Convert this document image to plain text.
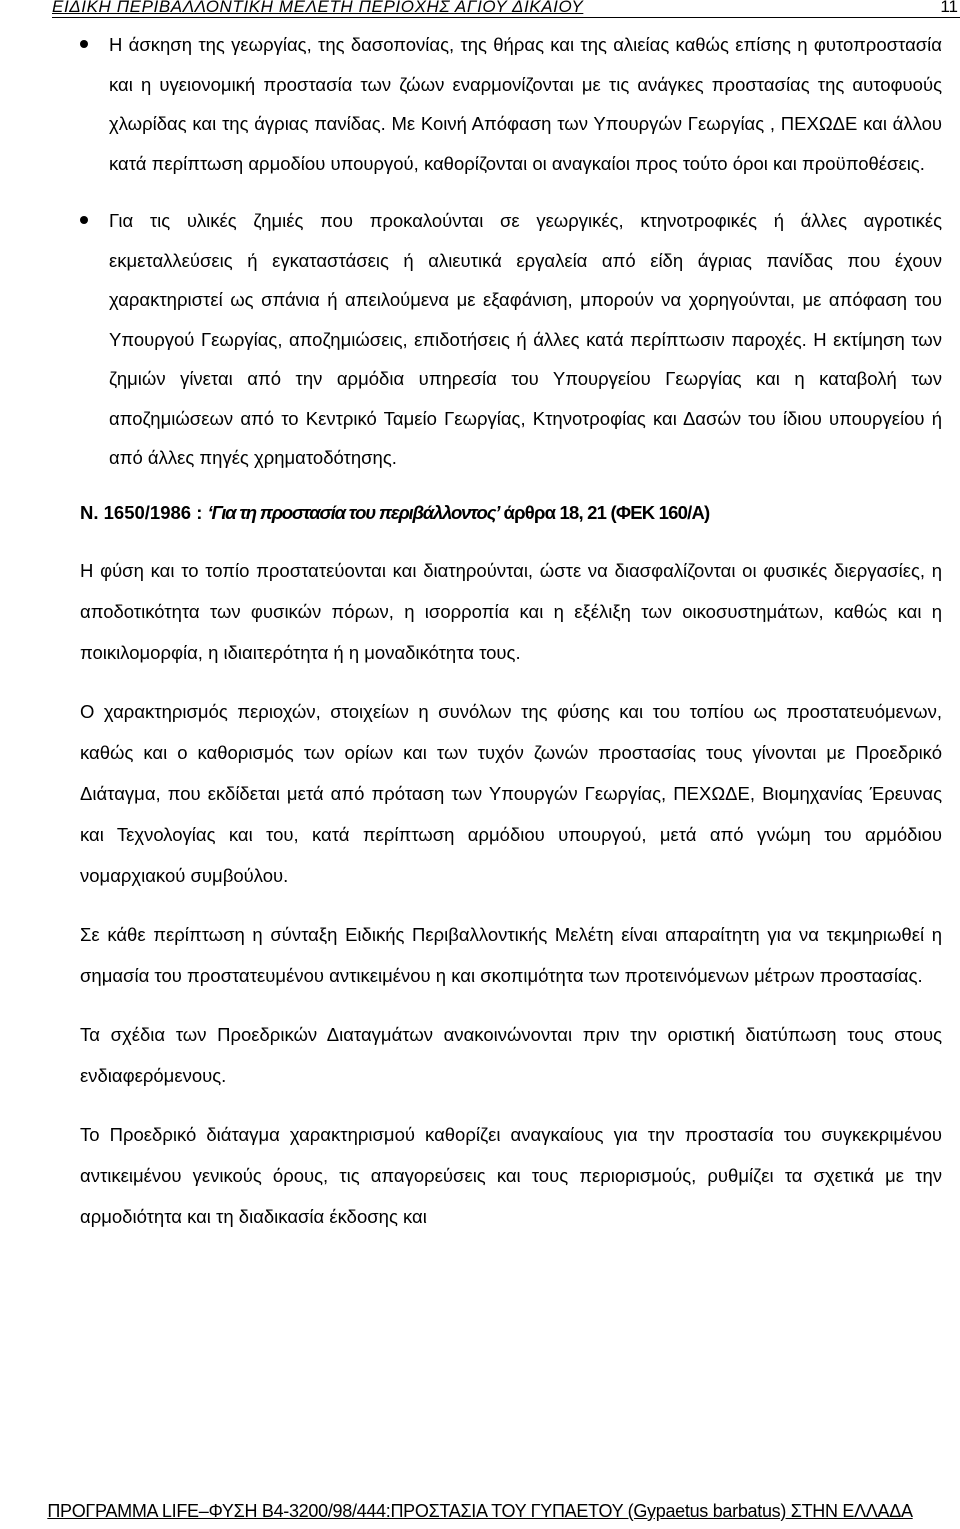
ΕΙΔΙΚΗ ΠΕΡΙΒΑΛΛΟΝΤΙΚΗ ΜΕΛΕΤΗ ΠΕΡΙΟΧΗΣ ΑΓΙΟΥ ΔΙΚΑΙΟΥ	11
Η άσκηση της γεωργίας, της δασοπονίας, της θήρας και της αλιείας καθώς επίσης η φυτοπροστασία και η υγειονομική προστασία των ζώων εναρμονίζονται με τις ανάγκες προστασίας της αυτοφυούς χλωρίδας και της άγριας πανίδας. Με Κοινή Απόφαση των Υπουργών Γεωργίας , ΠΕΧΩΔΕ και άλλου κατά περίπτωση αρμοδίου υπουργού, καθορίζονται οι αναγκαίοι προς τούτο όροι και προϋποθέσεις.
Για τις υλικές ζημιές που προκαλούνται σε γεωργικές, κτηνοτροφικές ή άλλες αγροτικές εκμεταλλεύσεις ή εγκαταστάσεις ή αλιευτικά εργαλεία από είδη άγριας πανίδας που έχουν χαρακτηριστεί ως σπάνια ή απειλούμενα με εξαφάνιση, μπορούν να χορηγούνται, με απόφαση του Υπουργού Γεωργίας, αποζημιώσεις, επιδοτήσεις ή άλλες κατά περίπτωσιν παροχές. Η εκτίμηση των ζημιών γίνεται από την αρμόδια υπηρεσία του Υπουργείου Γεωργίας και η καταβολή των αποζημιώσεων από το Κεντρικό Ταμείο Γεωργίας, Κτηνοτροφίας και Δασών του ίδιου υπουργείου ή από άλλες πηγές χρηματοδότησης.

Ν. 1650/1986 : ‘Για τη προστασία του περιβάλλοντος’ άρθρα 18, 21 (ΦΕΚ 160/Α)

Η φύση και το τοπίο προστατεύονται και διατηρούνται, ώστε να διασφαλίζονται οι φυσικές διεργασίες, η αποδοτικότητα των φυσικών πόρων, η ισορροπία και η εξέλιξη των οικοσυστημάτων, καθώς και η ποικιλομορφία, η ιδιαιτερότητα ή η μοναδικότητα τους.

Ο χαρακτηρισμός περιοχών, στοιχείων η συνόλων της φύσης και του τοπίου ως προστατευόμενων, καθώς και ο καθορισμός των ορίων και των τυχόν ζωνών προστασίας τους γίνονται με Προεδρικό Διάταγμα, που εκδίδεται μετά από πρόταση των Υπουργών Γεωργίας, ΠΕΧΩΔΕ, Βιομηχανίας Έρευνας και Τεχνολογίας και του, κατά περίπτωση αρμόδιου υπουργού, μετά από γνώμη του αρμόδιου νομαρχιακού συμβούλου.

Σε κάθε περίπτωση η σύνταξη Ειδικής Περιβαλλοντικής Μελέτη είναι απαραίτητη για να τεκμηριωθεί η σημασία του προστατευμένου αντικειμένου η και σκοπιμότητα των προτεινόμενων μέτρων προστασίας.

Τα σχέδια των Προεδρικών Διαταγμάτων ανακοινώνονται πριν την οριστική διατύπωση τους στους ενδιαφερόμενους.

Το Προεδρικό διάταγμα χαρακτηρισμού καθορίζει αναγκαίους για την προστασία του συγκεκριμένου αντικειμένου γενικούς όρους, τις απαγορεύσεις και τους περιορισμούς, ρυθμίζει τα σχετικά με την αρμοδιότητα και τη διαδικασία έκδοσης και

ΠΡΟΓΡΑΜΜΑ LIFE–ΦΥΣΗ Β4-3200/98/444:ΠΡΟΣΤΑΣΙΑ ΤΟΥ ΓΥΠΑΕΤΟΥ (Gypaetus barbatus) ΣΤΗΝ ΕΛΛΑΔΑ
